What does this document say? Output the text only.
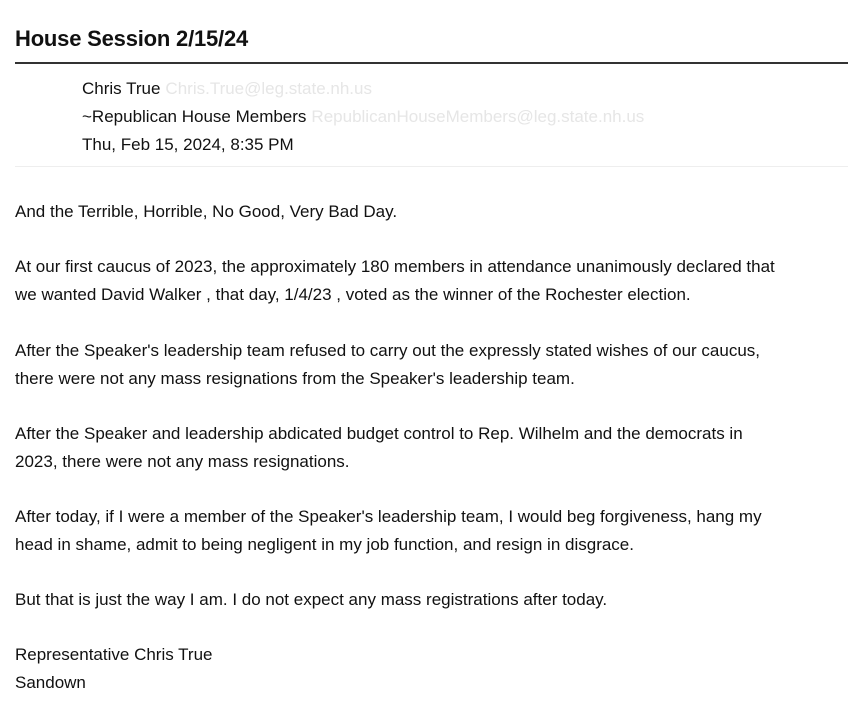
House Session 2/15/24
Chris True Chris.True@leg.state.nh.us
~Republican House Members RepublicanHouseMembers@leg.state.nh.us
Thu, Feb 15, 2024, 8:35 PM
And the Terrible, Horrible, No Good, Very Bad Day.
At our first caucus of 2023, the approximately 180 members in attendance unanimously declared that
we wanted David Walker , that day, 1/4/23 , voted as the winner of the Rochester election.
After the Speaker's leadership team refused to carry out the expressly stated wishes of our caucus,
there were not any mass resignations from the Speaker's leadership team.
After the Speaker and leadership abdicated budget control to Rep. Wilhelm and the democrats in
2023, there were not any mass resignations.
After today, if I were a member of the Speaker's leadership team, I would beg forgiveness, hang my
head in shame, admit to being negligent in my job function, and resign in disgrace.
But that is just the way I am. I do not expect any mass registrations after today.
Representative Chris True
Sandown
